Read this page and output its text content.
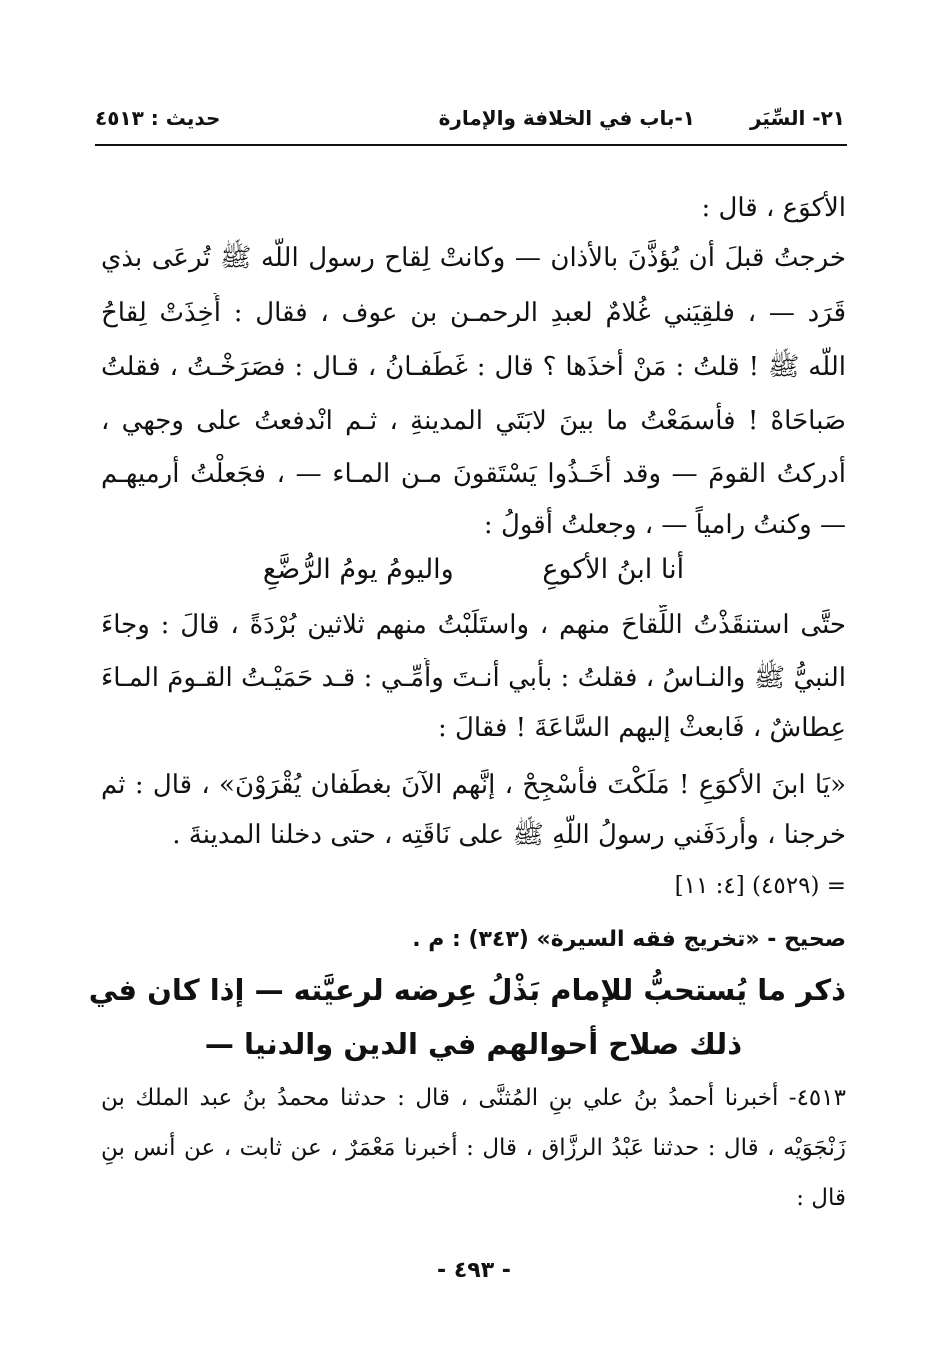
٢١- السِّيَر
١-باب في الخلافة والإمارة
حديث : ٤٥١٣
الأكوَع ، قال :
خرجتُ قبلَ أن يُؤذَّنَ بالأذان — وكانتْ لِقاح رسول اللّه ﷺ تُرعَى بذي
قَرَد — ، فلقِيَني غُلامٌ لعبدِ الرحمـن بن عوف ، فقال : أُخِذَتْ لِقاحُ
اللّه ﷺ ! قلتُ : مَنْ أخذَها ؟ قال : غَطَفـانُ ، قـال : فصَرَخْـتُ ، فقلتُ
صَباحَاهْ ! فأسمَعْتُ ما بينَ لابَتَي المدينةِ ، ثـم انْدفعتُ على وجهي ،
أدركتُ القومَ — وقد أخَـذُوا يَسْتَقونَ مـن المـاء — ، فجَعلْتُ أرميهـم
— وكنتُ رامياً — ، وجعلتُ أقولُ :
أنا ابنُ الأكوعِ واليومُ يومُ الرُّضَّعِ
حتَّى استنقَذْتُ اللِّقاحَ منهم ، واستَلَبْتُ منهم ثلاثين بُرْدَةً ، قالَ : وجاءَ
النبيُّ ﷺ والنـاسُ ، فقلتُ : بأبي أنـتَ وأُمِّـي : قـد حَمَيْـتُ القـومَ المـاءَ
عِطاشٌ ، فَابعثْ إليهم السَّاعَةَ ! فقالَ :
«يَا ابنَ الأكوَعِ ! مَلَكْتَ فأسْجِحْ ، إنَّهم الآنَ بغطَفان يُقْرَوْنَ» ، قال : ثم
خرجنا ، وأردَفَني رسولُ اللّهِ ﷺ على نَاقَتِه ، حتى دخلنا المدينةَ .
= (٤٥٢٩) [٤: ١١]
صحيح - «تخريج فقه السيرة» (٣٤٣) : م .
ذكر ما يُستحبُّ للإمام بَذْلُ عِرضه لرعيَّته — إذا كان في
ذلك صلاح أحوالهم في الدين والدنيا —
٤٥١٣- أخبرنا أحمدُ بنُ علي بنِ المُثنَّى ، قال : حدثنا محمدُ بنُ عبد الملك بن
زَنْجَوَيْه ، قال : حدثنا عَبْدُ الرزَّاق ، قال : أخبرنا مَعْمَرٌ ، عن ثابت ، عن أنس بنِ
قال :
- ٤٩٣ -
